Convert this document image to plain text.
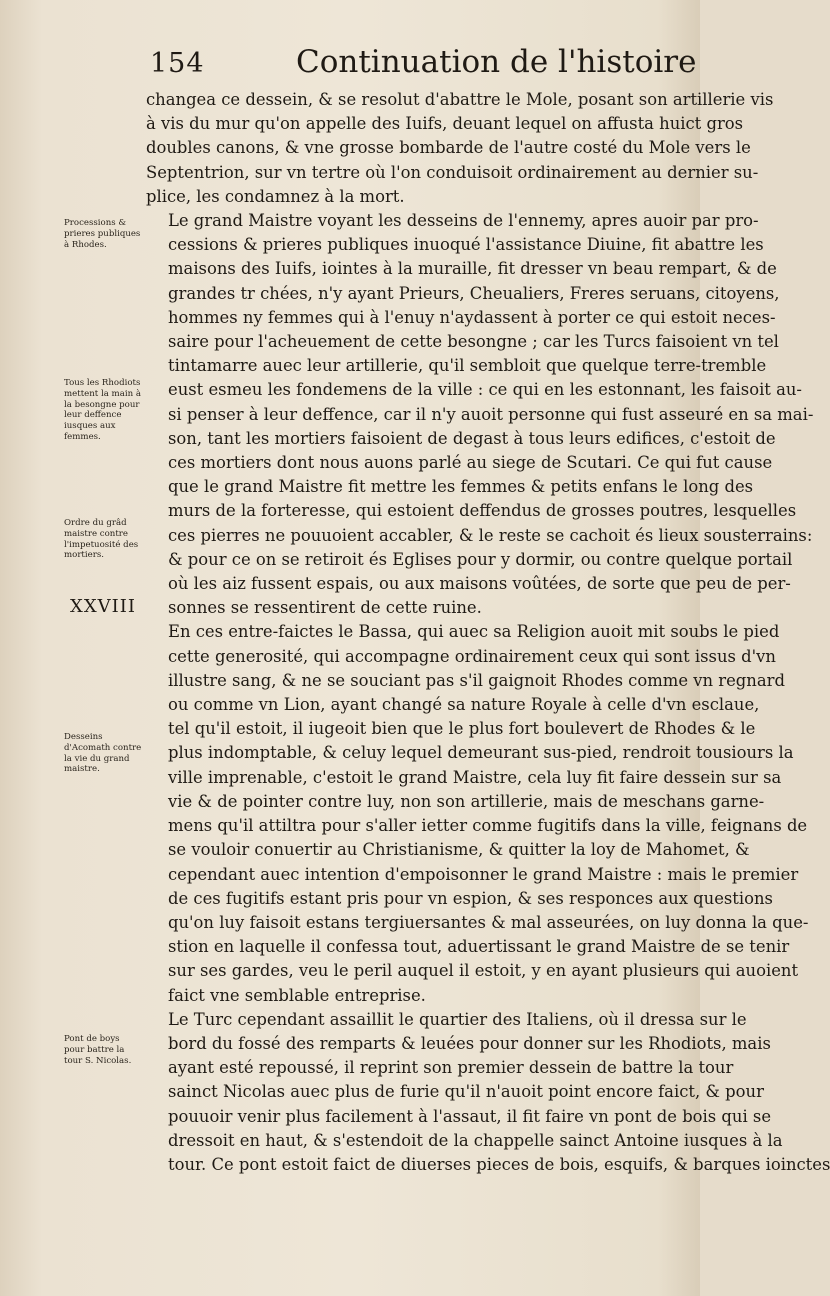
154	Continuation de l'histoire
Processions & prieres publiques à Rhodes.
Tous les Rhodiots mettent la main à la besongne pour leur deffence iusques aux femmes.
Ordre du grâd maistre contre l'impetuosité des mortiers.
Desseins d'Acomath contre la vie du grand maistre.
Pont de boys pour battre la tour S. Nicolas.
XXVIII

changea ce dessein, & se resolut d'abattre le Mole, posant son artillerie vis
à vis du mur qu'on appelle des Iuifs, deuant lequel on affusta huict gros
doubles canons, & vne grosse bombarde de l'autre costé du Mole vers le
Septentrion, sur vn tertre où l'on conduisoit ordinairement au dernier su-
plice, les condamnez à la mort.

Le grand Maistre voyant les desseins de l'ennemy, apres auoir par pro-
cessions & prieres publiques inuoqué l'assistance Diuine, fit abattre les
maisons des Iuifs, iointes à la muraille, fit dresser vn beau rempart, & de
grandes tr chées, n'y ayant Prieurs, Cheualiers, Freres seruans, citoyens,
hommes ny femmes qui à l'enuy n'aydassent à porter ce qui estoit neces-
saire pour l'acheuement de cette besongne ; car les Turcs faisoient vn tel
tintamarre auec leur artillerie, qu'il sembloit que quelque terre-tremble
eust esmeu les fondemens de la ville : ce qui en les estonnant, les faisoit au-
si penser à leur deffence, car il n'y auoit personne qui fust asseuré en sa mai-
son, tant les mortiers faisoient de degast à tous leurs edifices, c'estoit de
ces mortiers dont nous auons parlé au siege de Scutari. Ce qui fut cause
que le grand Maistre fit mettre les femmes & petits enfans le long des
murs de la forteresse, qui estoient deffendus de grosses poutres, lesquelles
ces pierres ne pouuoient accabler, & le reste se cachoit és lieux sousterrains:
& pour ce on se retiroit és Eglises pour y dormir, ou contre quelque portail
où les aiz fussent espais, ou aux maisons voûtées, de sorte que peu de per-
sonnes se ressentirent de cette ruine.

En ces entre-faictes le Bassa, qui auec sa Religion auoit mit soubs le pied
cette generosité, qui accompagne ordinairement ceux qui sont issus d'vn
illustre sang, & ne se souciant pas s'il gaignoit Rhodes comme vn regnard
ou comme vn Lion, ayant changé sa nature Royale à celle d'vn esclaue,
tel qu'il estoit, il iugeoit bien que le plus fort boulevert de Rhodes & le
plus indomptable, & celuy lequel demeurant sus-pied, rendroit tousiours la
ville imprenable, c'estoit le grand Maistre, cela luy fit faire dessein sur sa
vie & de pointer contre luy, non son artillerie, mais de meschans garne-
mens qu'il attiltra pour s'aller ietter comme fugitifs dans la ville, feignans de
se vouloir conuertir au Christianisme, & quitter la loy de Mahomet, &
cependant auec intention d'empoisonner le grand Maistre : mais le premier
de ces fugitifs estant pris pour vn espion, & ses responces aux questions
qu'on luy faisoit estans tergiuersantes & mal asseurées, on luy donna la que-
stion en laquelle il confessa tout, aduertissant le grand Maistre de se tenir
sur ses gardes, veu le peril auquel il estoit, y en ayant plusieurs qui auoient
faict vne semblable entreprise.

Le Turc cependant assaillit le quartier des Italiens, où il dressa sur le
bord du fossé des remparts & leuées pour donner sur les Rhodiots, mais
ayant esté repoussé, il reprint son premier dessein de battre la tour
sainct Nicolas auec plus de furie qu'il n'auoit point encore faict, & pour
pouuoir venir plus facilement à l'assaut, il fit faire vn pont de bois qui se
dressoit en haut, & s'estendoit de la chappelle sainct Antoine iusques à la
tour. Ce pont estoit faict de diuerses pieces de bois, esquifs, & barques ioinctes
